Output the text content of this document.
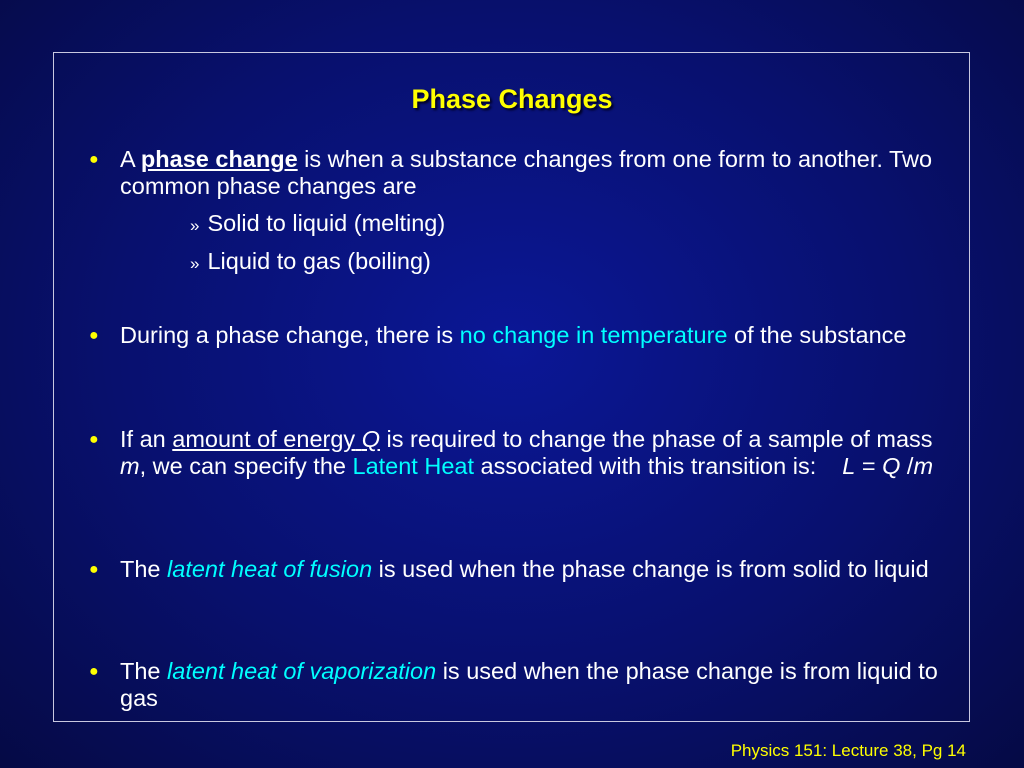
Phase Changes
● A phase change is when a substance changes from one form to another. Two common phase changes are
» Solid to liquid (melting)
» Liquid to gas (boiling)
● During a phase change, there is no change in temperature of the substance
● If an amount of energy Q is required to change the phase of a sample of mass m, we can specify the Latent Heat associated with this transition is: L = Q /m
● The latent heat of fusion is used when the phase change is from solid to liquid
● The latent heat of vaporization is used when the phase change is from liquid to gas
Physics 151: Lecture 38, Pg 14
